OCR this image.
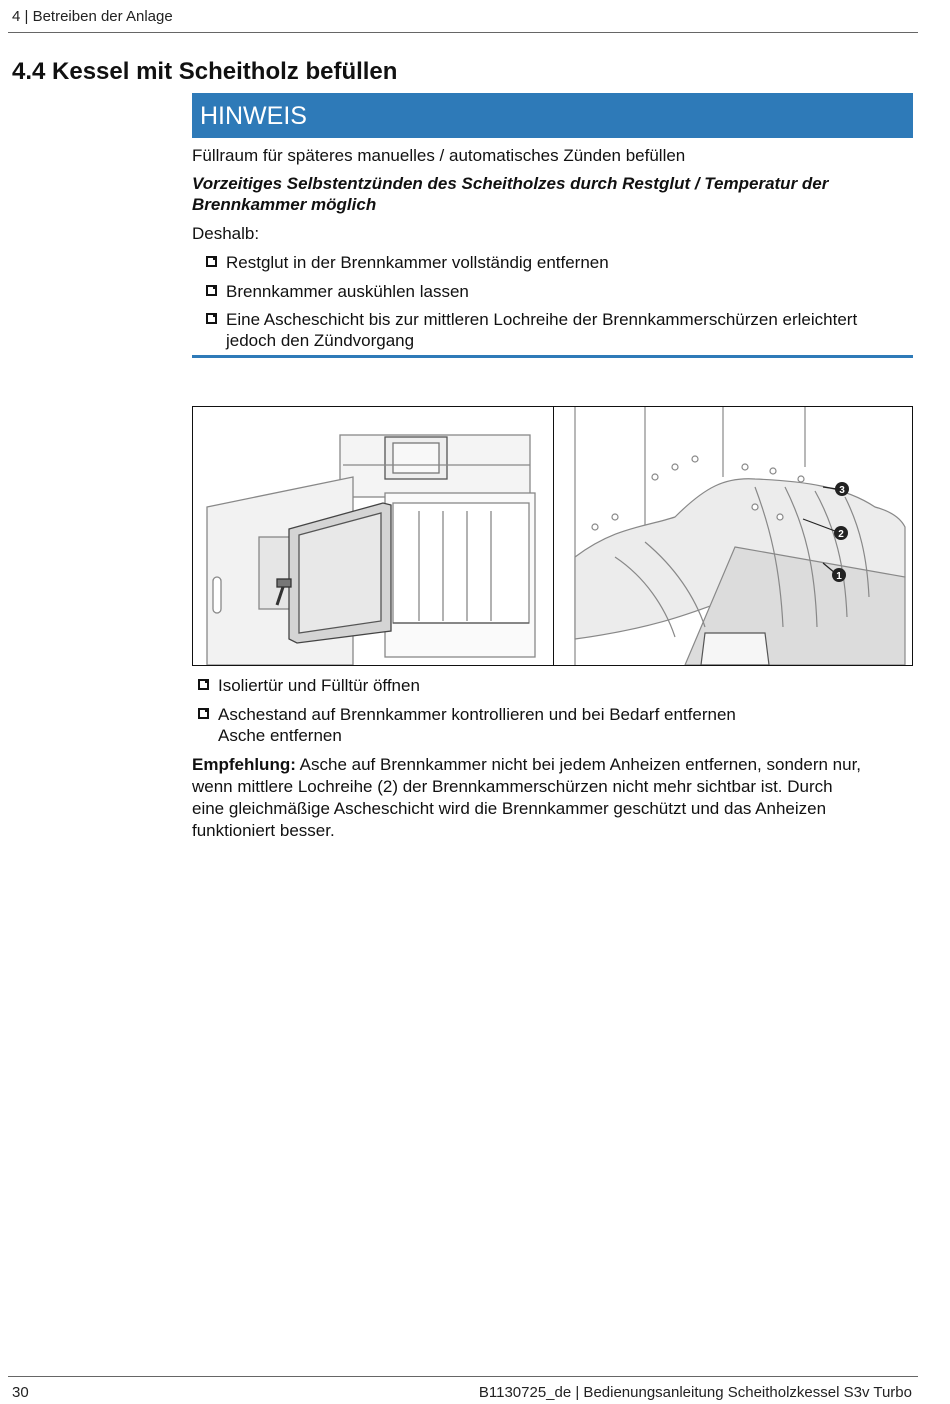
4 | Betreiben der Anlage
4.4 Kessel mit Scheitholz befüllen
HINWEIS
Füllraum für späteres manuelles / automatisches Zünden befüllen
Vorzeitiges Selbstentzünden des Scheitholzes durch Restglut / Temperatur der
Brennkammer möglich
Deshalb:
Restglut in der Brennkammer vollständig entfernen
Brennkammer auskühlen lassen
Eine Ascheschicht bis zur mittleren Lochreihe der Brennkammerschürzen erleichtert
jedoch den Zündvorgang
3
2
1
Isoliertür und Fülltür öffnen
Aschestand auf Brennkammer kontrollieren und bei Bedarf entfernen
Asche entfernen
Empfehlung: Asche auf Brennkammer nicht bei jedem Anheizen entfernen, sondern nur,
wenn mittlere Lochreihe (2) der Brennkammerschürzen nicht mehr sichtbar ist. Durch
eine gleichmäßige Ascheschicht wird die Brennkammer geschützt und das Anheizen
funktioniert besser.
30	B1130725_de | Bedienungsanleitung Scheitholzkessel S3v Turbo
